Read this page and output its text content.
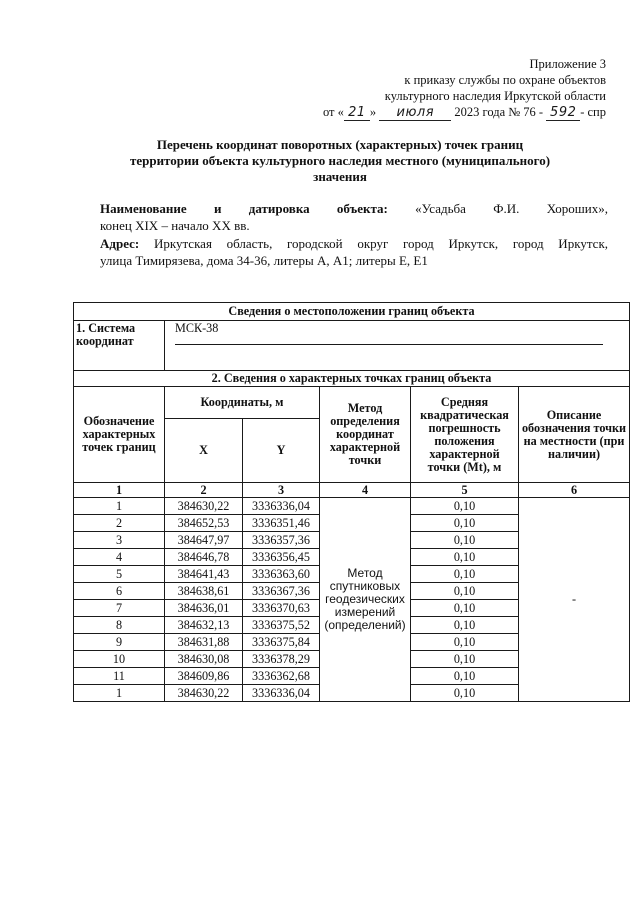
Приложение 3
к приказу службы по охране объектов
культурного наследия Иркутской области
от « 21 » июля 2023 года № 76 - 592 - спр
Перечень координат поворотных (характерных) точек границ
территории объекта культурного наследия местного (муниципального)
значения
Наименование и датировка объекта: «Усадьба Ф.И. Хороших»,
конец XIX – начало XX вв.
Адрес: Иркутская область, городской округ город Иркутск, город Иркутск,
улица Тимирязева, дома 34-36, литеры А, А1; литеры Е, Е1
Сведения о местоположении границ объекта					
1. Система координат	МСК-38				

2. Сведения о характерных точках границ объекта					
Обозначение характерных точек границ	Координаты, м		Метод определения координат характерной точки	Средняя квадратическая погрешность положения характерной точки (Mt), м	Описание обозначения точки на местности (при наличии)
	X	Y			
1	2	3	4	5	6
1	384630,22	3336336,04	Метод спутниковых геодезических измерений (определений)	0,10	-
2	384652,53	3336351,46		0,10	
3	384647,97	3336357,36		0,10	
4	384646,78	3336356,45		0,10	
5	384641,43	3336363,60		0,10	
6	384638,61	3336367,36		0,10	
7	384636,01	3336370,63		0,10	
8	384632,13	3336375,52		0,10	
9	384631,88	3336375,84		0,10	
10	384630,08	3336378,29		0,10	
11	384609,86	3336362,68		0,10	
1	384630,22	3336336,04		0,10	
